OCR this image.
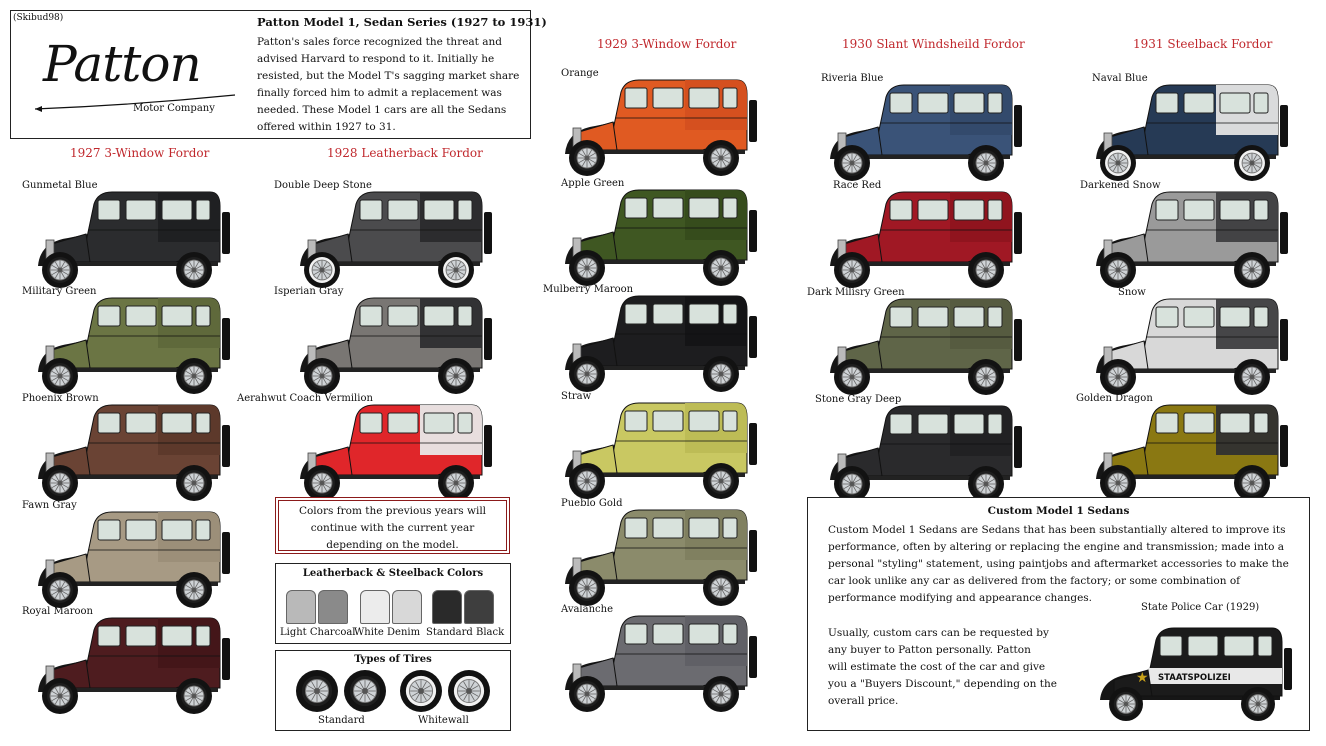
(Skibud98)
Patton
Motor Company
Patton Model 1, Sedan Series (1927 to 1931)
Patton's sales force recognized the threat and
advised Harvard to respond to it. Initially he
resisted, but the Model T's sagging market share
finally forced him to admit a replacement was
needed. These Model 1 cars are all the Sedans
offered within 1927 to 31.
1927 3-Window Fordor
Gunmetal Blue
Military Green
Phoenix Brown
Fawn Gray
Royal Maroon
1928 Leatherback Fordor
Double Deep Stone
Isperian Gray
Aerahwut Coach Vermilion
1929 3-Window Fordor
Orange
Apple Green
Mulberry Maroon
Straw
Pueblo Gold
Avalanche
1930 Slant Windsheild Fordor
Riveria Blue
Race Red
Dark Milisry Green
Stone Gray Deep
1931 Steelback Fordor
Naval Blue
Darkened Snow
Snow
Golden Dragon
Colors from the previous years will
continue with the current year
depending on the model.
Leatherback & Steelback Colors
Light Charcoal
White Denim Standard Black
Types of Tires
Standard	Whitewall
Custom Model 1 Sedans
Custom Model 1 Sedans are Sedans that has been substantially altered to improve its
performance, often by altering or replacing the engine and transmission; made into a
personal "styling" statement, using paintjobs and aftermarket accessories to make the
car look unlike any car as delivered from the factory; or some combination of
performance modifying and appearance changes.
Usually, custom cars can be requested by
any buyer to Patton personally. Patton
will estimate the cost of the car and give
you a "Buyers Discount," depending on the
overall price.
State Police Car (1929)
★ STAATSPOLIZEI
